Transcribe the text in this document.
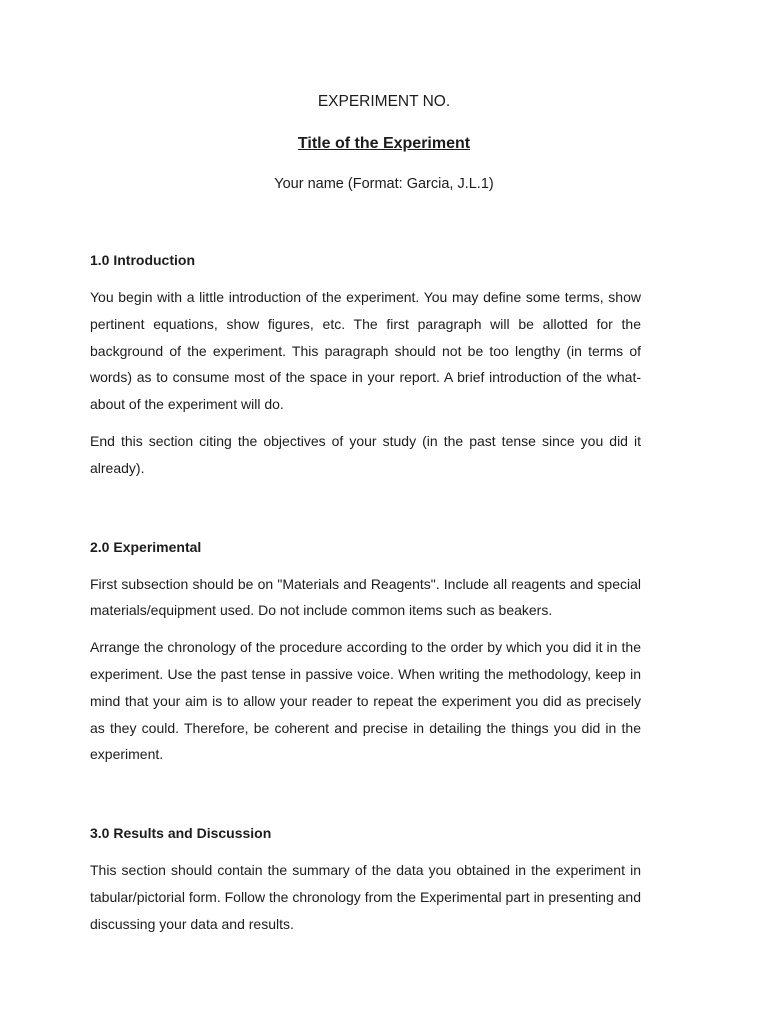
EXPERIMENT NO.
Title of the Experiment
Your name (Format: Garcia, J.L.1)
1.0 Introduction

You begin with a little introduction of the experiment. You may define some terms, show pertinent equations, show figures, etc. The first paragraph will be allotted for the background of the experiment. This paragraph should not be too lengthy (in terms of words) as to consume most of the space in your report. A brief introduction of the what-about of the experiment will do.

End this section citing the objectives of your study (in the past tense since you did it already).

2.0 Experimental

First subsection should be on "Materials and Reagents". Include all reagents and special materials/equipment used. Do not include common items such as beakers.

Arrange the chronology of the procedure according to the order by which you did it in the experiment. Use the past tense in passive voice. When writing the methodology, keep in mind that your aim is to allow your reader to repeat the experiment you did as precisely as they could. Therefore, be coherent and precise in detailing the things you did in the experiment.

3.0 Results and Discussion

This section should contain the summary of the data you obtained in the experiment in tabular/pictorial form. Follow the chronology from the Experimental part in presenting and discussing your data and results.
